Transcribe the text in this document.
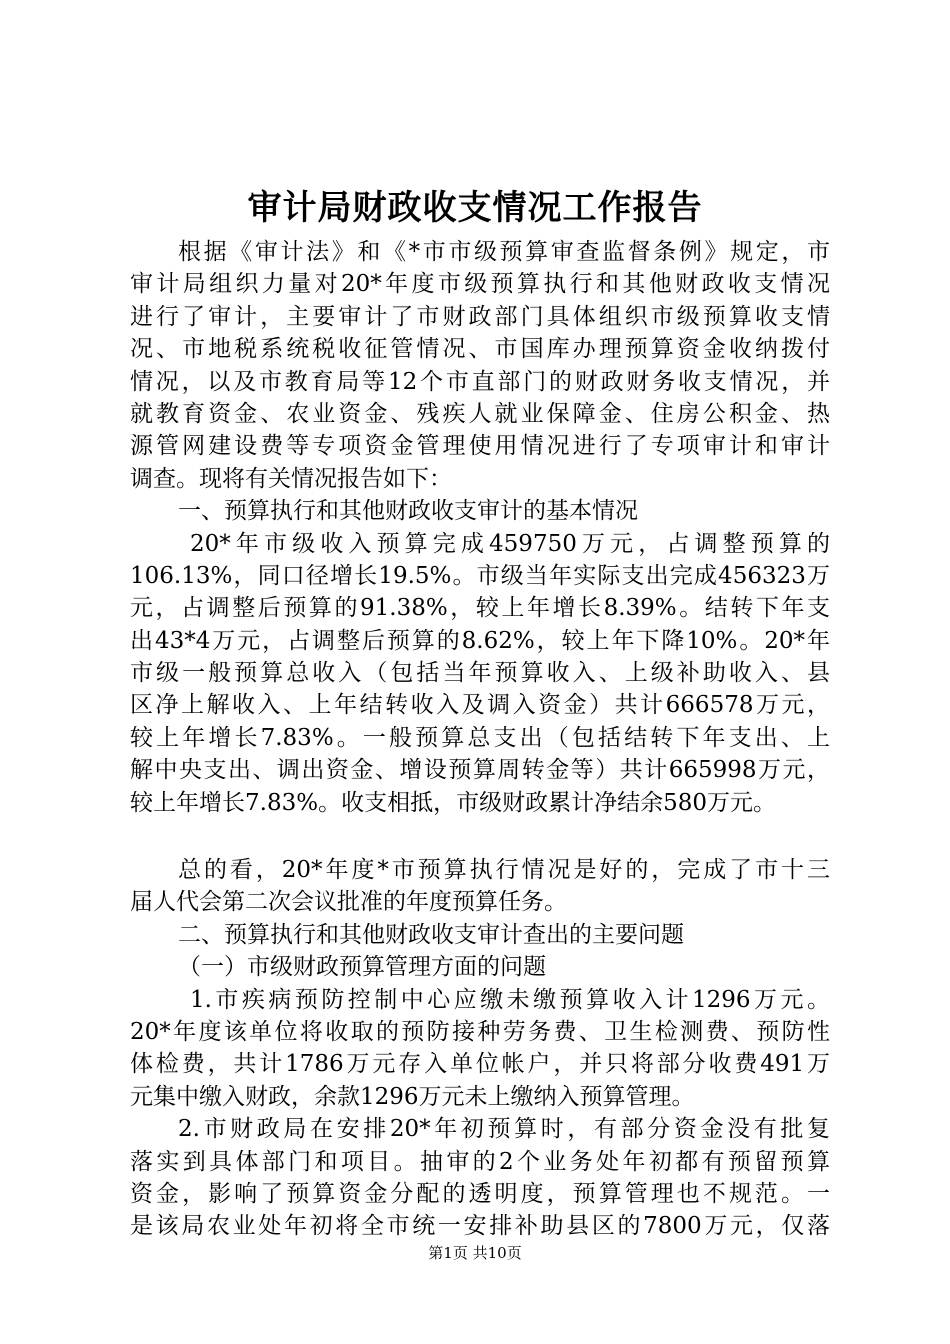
审计局财政收支情况工作报告
根据《审计法》和《*市市级预算审查监督条例》规定，市
审计局组织力量对20*年度市级预算执行和其他财政收支情况
进行了审计，主要审计了市财政部门具体组织市级预算收支情
况、市地税系统税收征管情况、市国库办理预算资金收纳拨付
情况，以及市教育局等12个市直部门的财政财务收支情况，并
就教育资金、农业资金、残疾人就业保障金、住房公积金、热
源管网建设费等专项资金管理使用情况进行了专项审计和审计
调查。现将有关情况报告如下：
一、预算执行和其他财政收支审计的基本情况
20*年市级收入预算完成459750万元，占调整预算的
106.13%，同口径增长19.5%。市级当年实际支出完成456323万
元，占调整后预算的91.38%，较上年增长8.39%。结转下年支
出43*4万元，占调整后预算的8.62%，较上年下降10%。20*年
市级一般预算总收入（包括当年预算收入、上级补助收入、县
区净上解收入、上年结转收入及调入资金）共计666578万元，
较上年增长7.83%。一般预算总支出（包括结转下年支出、上
解中央支出、调出资金、增设预算周转金等）共计665998万元，
较上年增长7.83%。收支相抵，市级财政累计净结余580万元。
总的看，20*年度*市预算执行情况是好的，完成了市十三
届人代会第二次会议批准的年度预算任务。
二、预算执行和其他财政收支审计查出的主要问题
（一）市级财政预算管理方面的问题
1.市疾病预防控制中心应缴未缴预算收入计1296万元。
20*年度该单位将收取的预防接种劳务费、卫生检测费、预防性
体检费，共计1786万元存入单位帐户，并只将部分收费491万
元集中缴入财政，余款1296万元未上缴纳入预算管理。
2.市财政局在安排20*年初预算时，有部分资金没有批复
落实到具体部门和项目。抽审的2个业务处年初都有预留预算
资金，影响了预算资金分配的透明度，预算管理也不规范。一
是该局农业处年初将全市统一安排补助县区的7800万元，仅落
第1页 共10页
